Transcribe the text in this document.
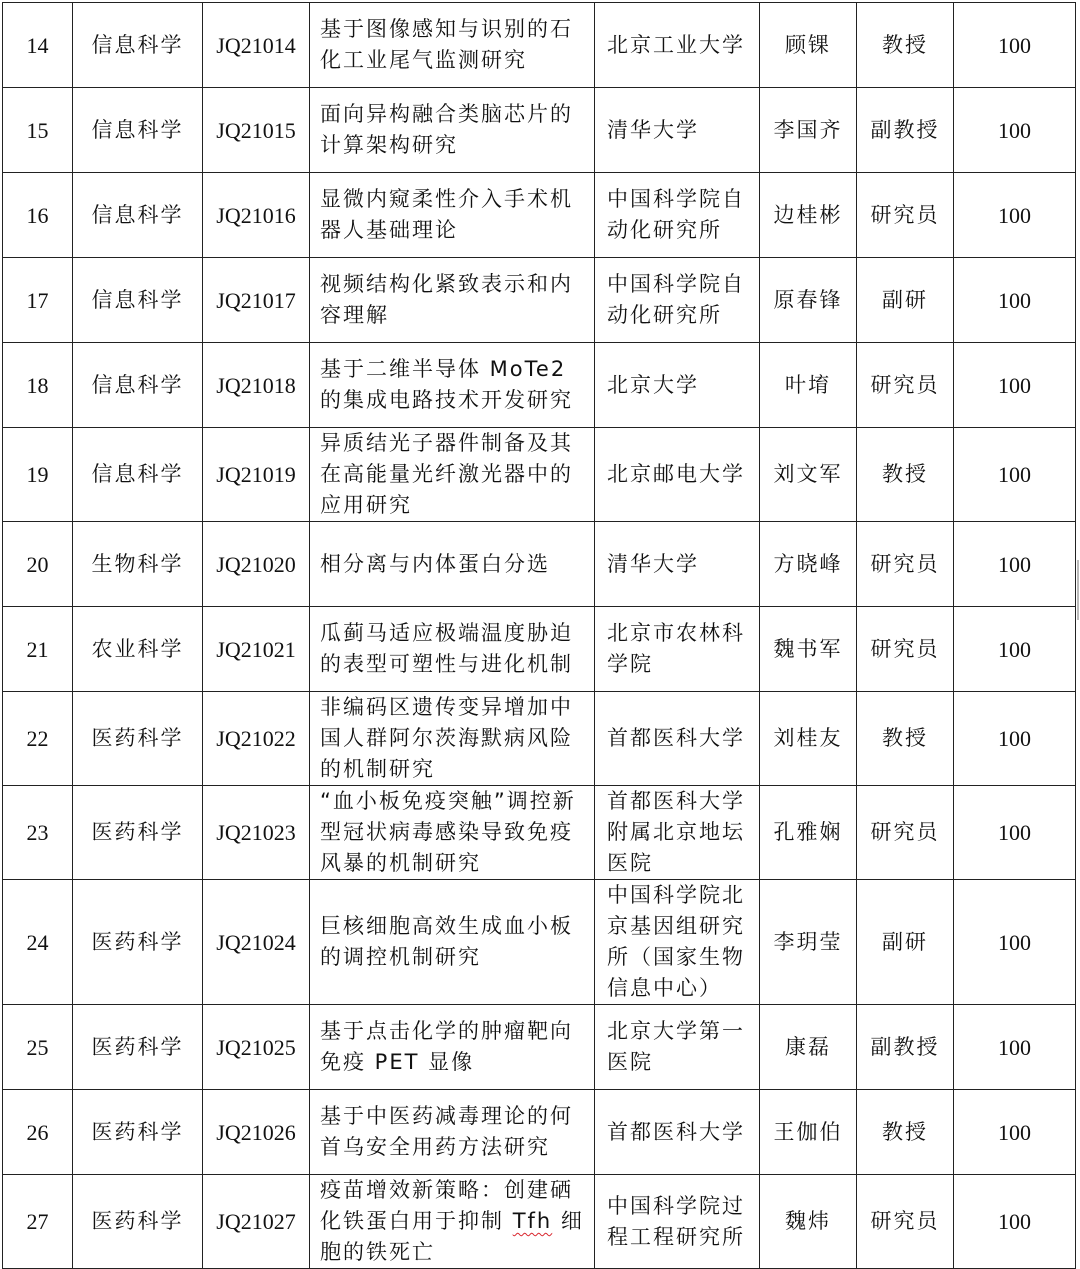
14	信息科学	JQ21014	基于图像感知与识别的石化工业尾气监测研究	北京工业大学	顾锞	教授	100
15	信息科学	JQ21015	面向异构融合类脑芯片的计算架构研究	清华大学	李国齐	副教授	100
16	信息科学	JQ21016	显微内窥柔性介入手术机器人基础理论	中国科学院自动化研究所	边桂彬	研究员	100
17	信息科学	JQ21017	视频结构化紧致表示和内容理解	中国科学院自动化研究所	原春锋	副研	100
18	信息科学	JQ21018	基于二维半导体 MoTe2 的集成电路技术开发研究	北京大学	叶堉	研究员	100
19	信息科学	JQ21019	异质结光子器件制备及其在高能量光纤激光器中的应用研究	北京邮电大学	刘文军	教授	100
20	生物科学	JQ21020	相分离与内体蛋白分选	清华大学	方晓峰	研究员	100
21	农业科学	JQ21021	瓜蓟马适应极端温度胁迫的表型可塑性与进化机制	北京市农林科学院	魏书军	研究员	100
22	医药科学	JQ21022	非编码区遗传变异增加中国人群阿尔茨海默病风险的机制研究	首都医科大学	刘桂友	教授	100
23	医药科学	JQ21023	“血小板免疫突触”调控新型冠状病毒感染导致免疫风暴的机制研究	首都医科大学附属北京地坛医院	孔雅娴	研究员	100
24	医药科学	JQ21024	巨核细胞高效生成血小板的调控机制研究	中国科学院北京基因组研究所（国家生物信息中心）	李玥莹	副研	100
25	医药科学	JQ21025	基于点击化学的肿瘤靶向免疫 PET 显像	北京大学第一医院	康磊	副教授	100
26	医药科学	JQ21026	基于中医药减毒理论的何首乌安全用药方法研究	首都医科大学	王伽伯	教授	100
27	医药科学	JQ21027	疫苗增效新策略：创建硒化铁蛋白用于抑制 Tfh 细胞的铁死亡	中国科学院过程工程研究所	魏炜	研究员	100
